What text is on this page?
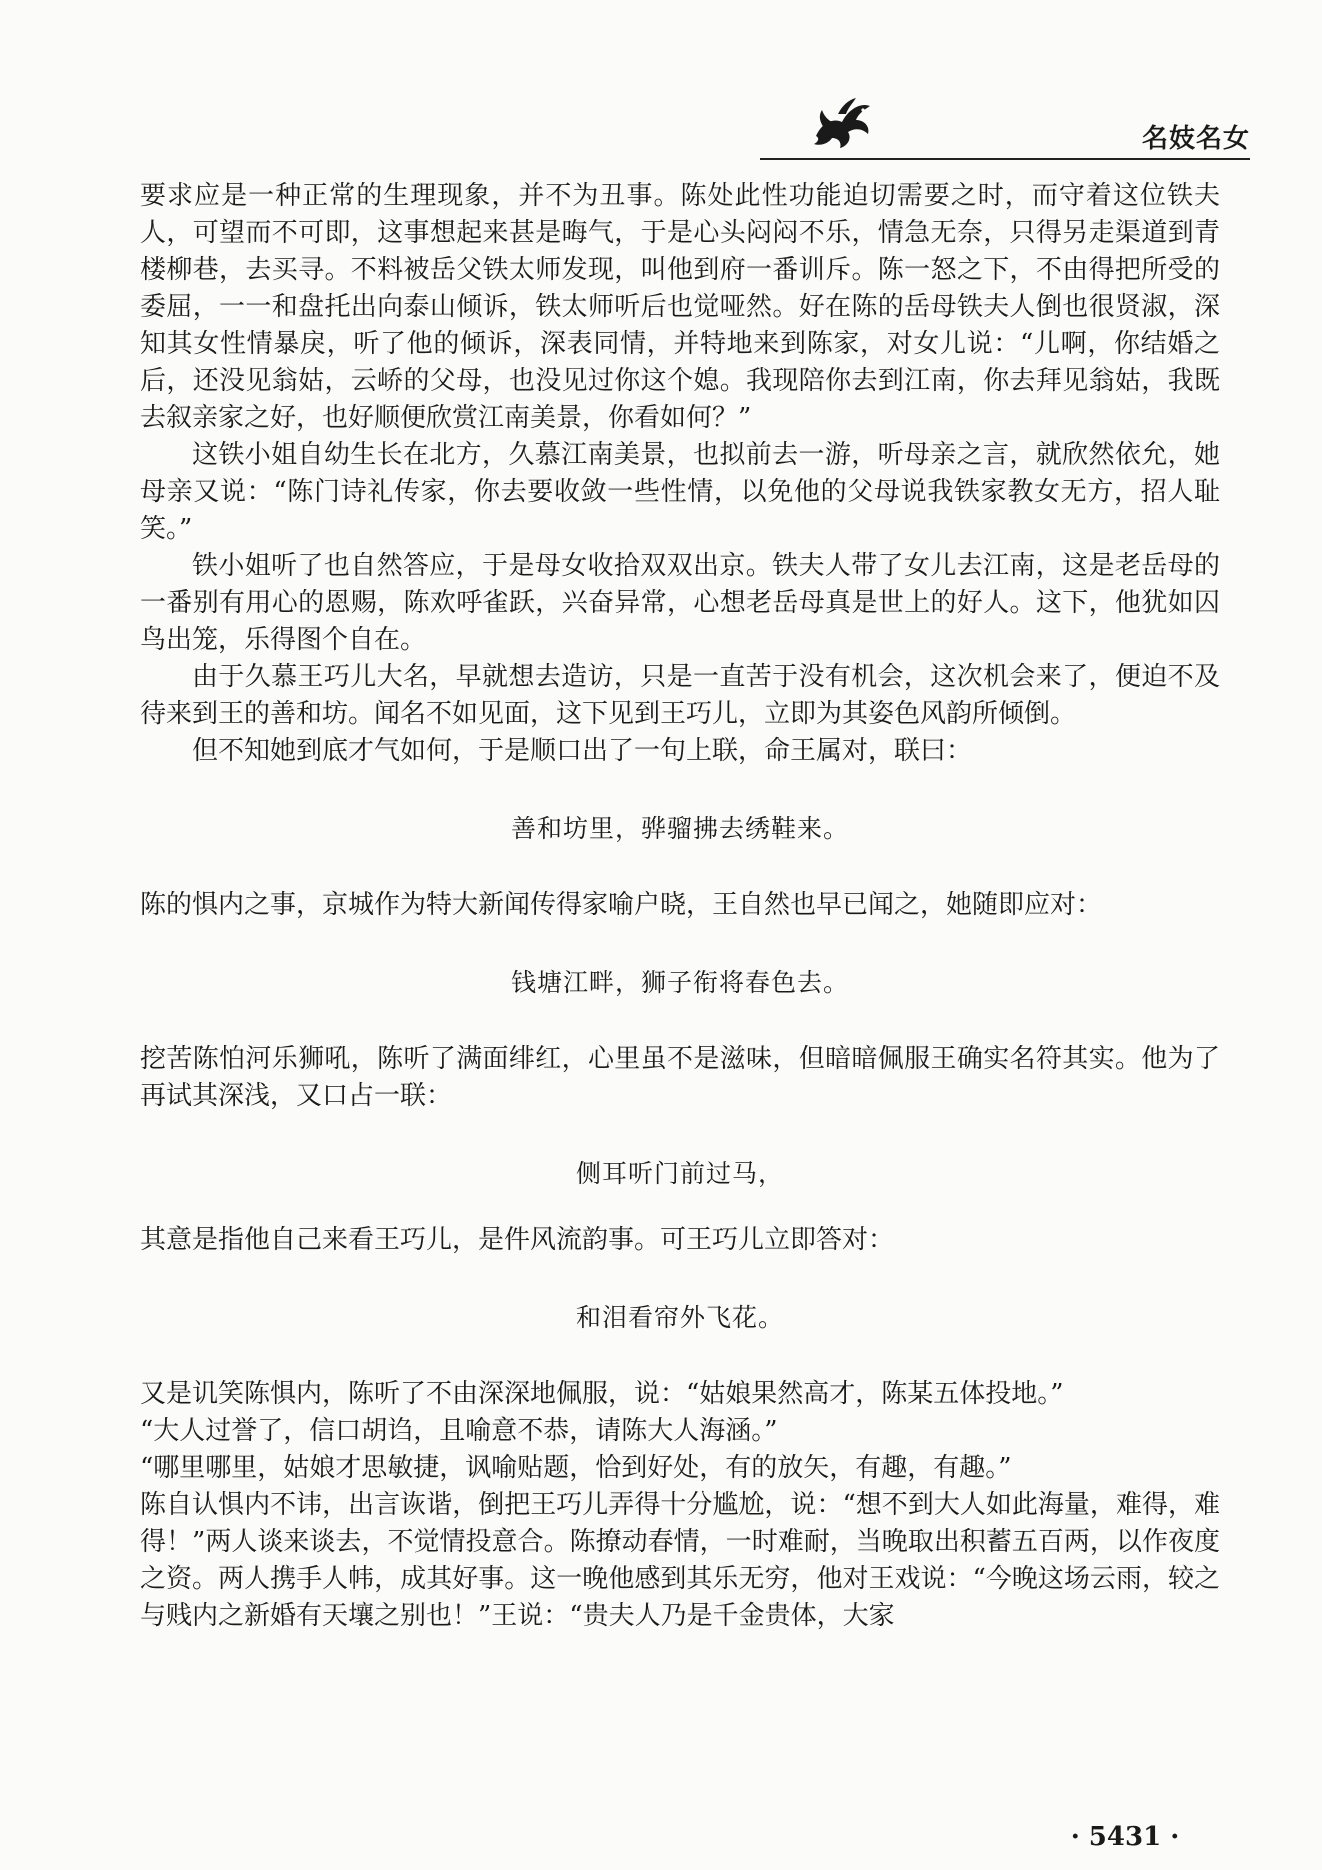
名妓名女

要求应是一种正常的生理现象，并不为丑事。陈处此性功能迫切需要之时，而守着这位铁夫人，可望而不可即，这事想起来甚是晦气，于是心头闷闷不乐，情急无奈，只得另走渠道到青楼柳巷，去买寻。不料被岳父铁太师发现，叫他到府一番训斥。陈一怒之下，不由得把所受的委屈，一一和盘托出向泰山倾诉，铁太师听后也觉哑然。好在陈的岳母铁夫人倒也很贤淑，深知其女性情暴戾，听了他的倾诉，深表同情，并特地来到陈家，对女儿说：“儿啊，你结婚之后，还没见翁姑，云峤的父母，也没见过你这个媳。我现陪你去到江南，你去拜见翁姑，我既去叙亲家之好，也好顺便欣赏江南美景，你看如何？”

这铁小姐自幼生长在北方，久慕江南美景，也拟前去一游，听母亲之言，就欣然依允，她母亲又说：“陈门诗礼传家，你去要收敛一些性情，以免他的父母说我铁家教女无方，招人耻笑。”

铁小姐听了也自然答应，于是母女收拾双双出京。铁夫人带了女儿去江南，这是老岳母的一番别有用心的恩赐，陈欢呼雀跃，兴奋异常，心想老岳母真是世上的好人。这下，他犹如囚鸟出笼，乐得图个自在。

由于久慕王巧儿大名，早就想去造访，只是一直苦于没有机会，这次机会来了，便迫不及待来到王的善和坊。闻名不如见面，这下见到王巧儿，立即为其姿色风韵所倾倒。

但不知她到底才气如何，于是顺口出了一句上联，命王属对，联曰：

善和坊里，骅骝拂去绣鞋来。

陈的惧内之事，京城作为特大新闻传得家喻户晓，王自然也早已闻之，她随即应对：

钱塘江畔，狮子衔将春色去。

挖苦陈怕河乐狮吼，陈听了满面绯红，心里虽不是滋味，但暗暗佩服王确实名符其实。他为了再试其深浅，又口占一联：

侧耳听门前过马，

其意是指他自己来看王巧儿，是件风流韵事。可王巧儿立即答对：

和泪看帘外飞花。

又是讥笑陈惧内，陈听了不由深深地佩服，说：“姑娘果然高才，陈某五体投地。”

“大人过誉了，信口胡诌，且喻意不恭，请陈大人海涵。”

“哪里哪里，姑娘才思敏捷，讽喻贴题，恰到好处，有的放矢，有趣，有趣。”

陈自认惧内不讳，出言诙谐，倒把王巧儿弄得十分尴尬，说：“想不到大人如此海量，难得，难得！”两人谈来谈去，不觉情投意合。陈撩动春情，一时难耐，当晚取出积蓄五百两，以作夜度之资。两人携手人帏，成其好事。这一晚他感到其乐无穷，他对王戏说：“今晚这场云雨，较之与贱内之新婚有天壤之别也！”王说：“贵夫人乃是千金贵体，大家

· 5431 ·
